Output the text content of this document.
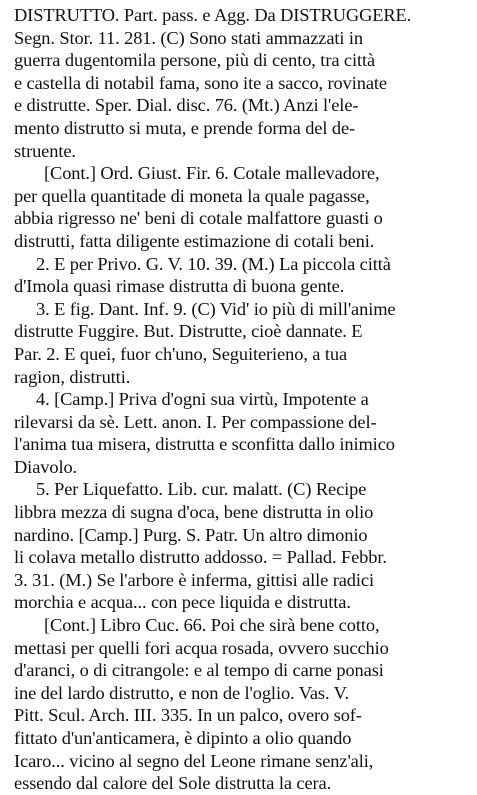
DISTRUTTO. Part. pass. e Agg. Da DISTRUGGERE.
Segn. Stor. 11. 281. (C) Sono stati ammazzati in
guerra dugentomila persone, più di cento, tra città
e castella di notabil fama, sono ite a sacco, rovinate
e distrutte. Sper. Dial. disc. 76. (Mt.) Anzi l'ele-
mento distrutto si muta, e prende forma del de-
struente.
[Cont.] Ord. Giust. Fir. 6. Cotale mallevadore,
per quella quantitade di moneta la quale pagasse,
abbia rigresso ne' beni di cotale malfattore guasti o
distrutti, fatta diligente estimazione di cotali beni.
2. E per Privo. G. V. 10. 39. (M.) La piccola città
d'Imola quasi rimase distrutta di buona gente.
3. E fig. Dant. Inf. 9. (C) Vid' io più di mill'anime
distrutte Fuggire. But. Distrutte, cioè dannate. E
Par. 2. E quei, fuor ch'uno, Seguiterieno, a tua
ragion, distrutti.
4. [Camp.] Priva d'ogni sua virtù, Impotente a
rilevarsi da sè. Lett. anon. I. Per compassione del-
l'anima tua misera, distrutta e sconfitta dallo inimico
Diavolo.
5. Per Liquefatto. Lib. cur. malatt. (C) Recipe
libbra mezza di sugna d'oca, bene distrutta in olio
nardino. [Camp.] Purg. S. Patr. Un altro dimonio
li colava metallo distrutto addosso. = Pallad. Febbr.
3. 31. (M.) Se l'arbore è inferma, gittisi alle radici
morchia e acqua... con pece liquida e distrutta.
[Cont.] Libro Cuc. 66. Poi che sirà bene cotto,
mettasi per quelli fori acqua rosada, ovvero succhio
d'aranci, o di citrangole: e al tempo di carne ponasi
ine del lardo distrutto, e non de l'oglio. Vas. V.
Pitt. Scul. Arch. III. 335. In un palco, overo sof-
fittato d'un'anticamera, è dipinto a olio quando
Icaro... vicino al segno del Leone rimane senz'ali,
essendo dal calore del Sole distrutta la cera.
